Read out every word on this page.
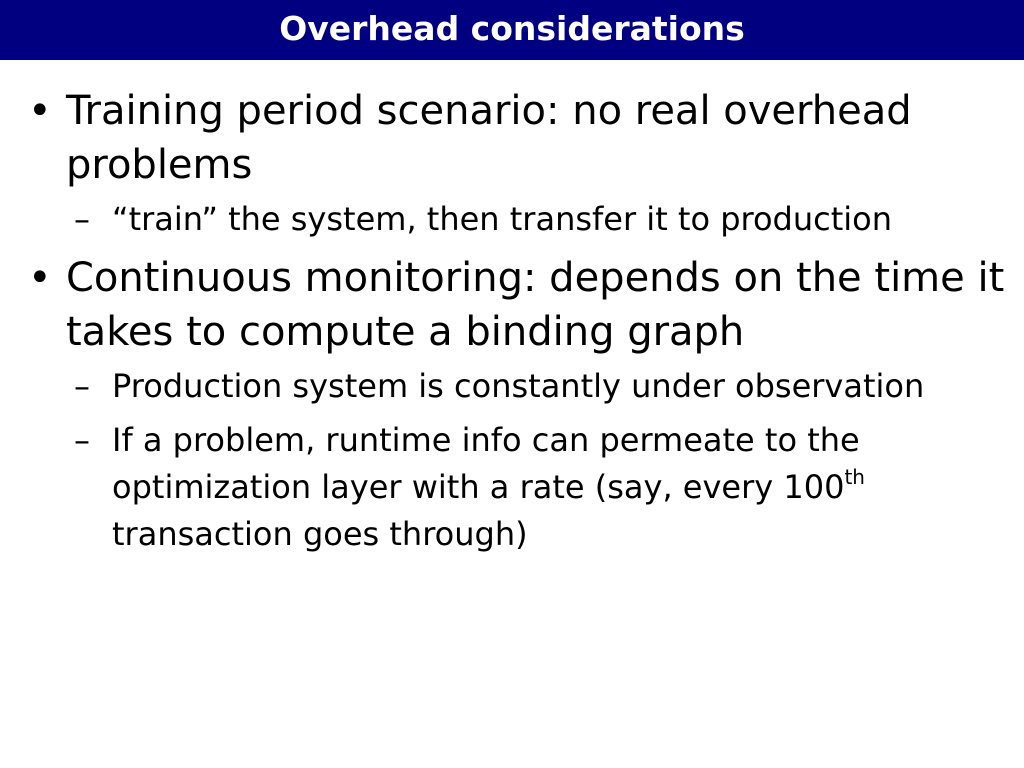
Overhead considerations
• Training period scenario: no real overhead problems
– “train” the system, then transfer it to production
• Continuous monitoring: depends on the time it takes to compute a binding graph
– Production system is constantly under observation
– If a problem, runtime info can permeate to the optimization layer with a rate (say, every 100th transaction goes through)
